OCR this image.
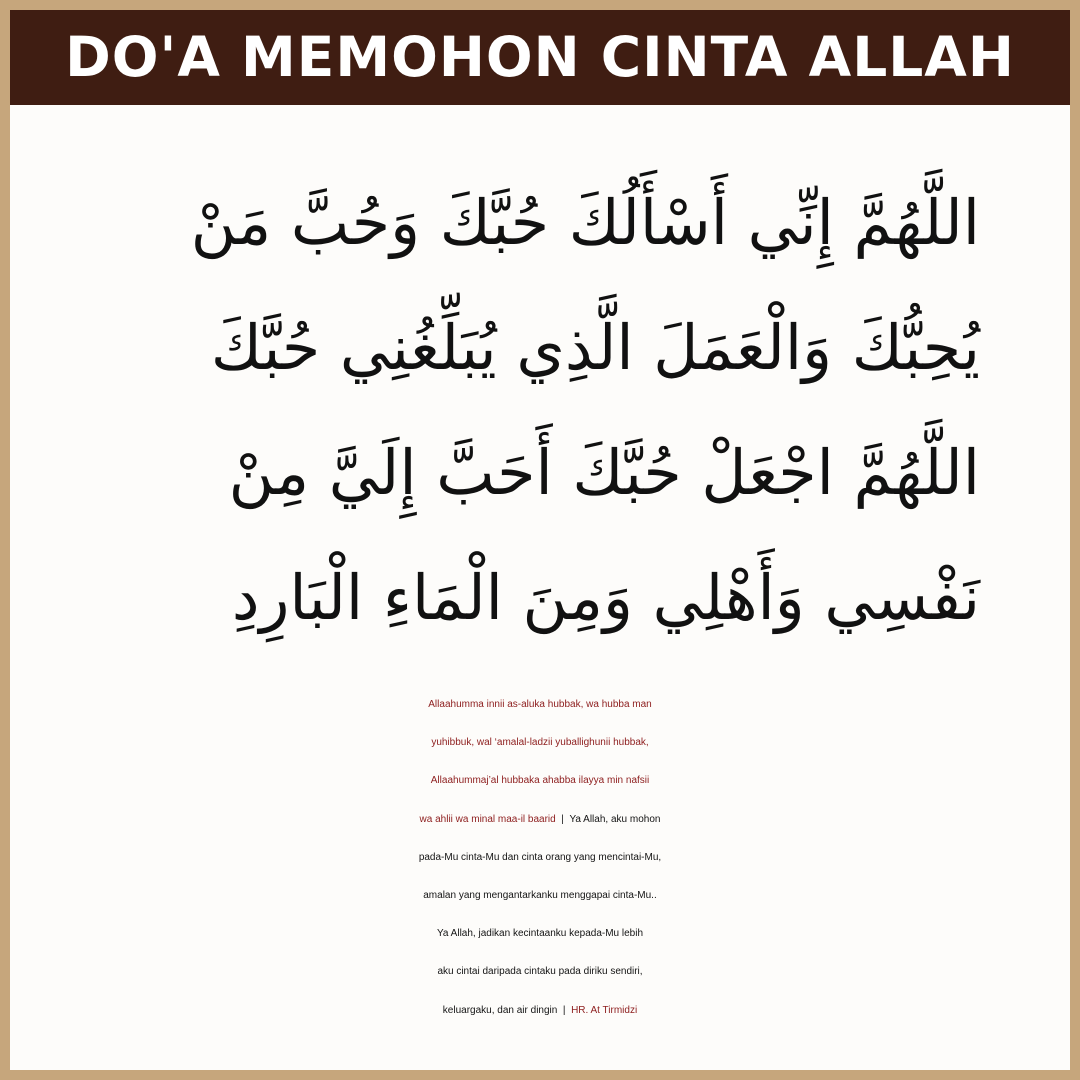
DO'A MEMOHON CINTA ALLAH
اللَّهُمَّ إِنِّي أَسْأَلُكَ حُبَّكَ وَحُبَّ مَنْ
يُحِبُّكَ وَالْعَمَلَ الَّذِي يُبَلِّغُنِي حُبَّكَ
اللَّهُمَّ اجْعَلْ حُبَّكَ أَحَبَّ إِلَيَّ مِنْ
نَفْسِي وَأَهْلِي وَمِنَ الْمَاءِ الْبَارِدِ
Allaahumma innii as-aluka hubbak, wa hubba man
yuhibbuk, wal ‘amalal-ladzii yuballighunii hubbak,
Allaahummaj’al hubbaka ahabba ilayya min nafsii
wa ahlii wa minal maa-il baarid | Ya Allah, aku mohon
pada-Mu cinta-Mu dan cinta orang yang mencintai-Mu,
amalan yang mengantarkanku menggapai cinta-Mu..
Ya Allah, jadikan kecintaanku kepada-Mu lebih
aku cintai daripada cintaku pada diriku sendiri,
keluargaku, dan air dingin | HR. At Tirmidzi
